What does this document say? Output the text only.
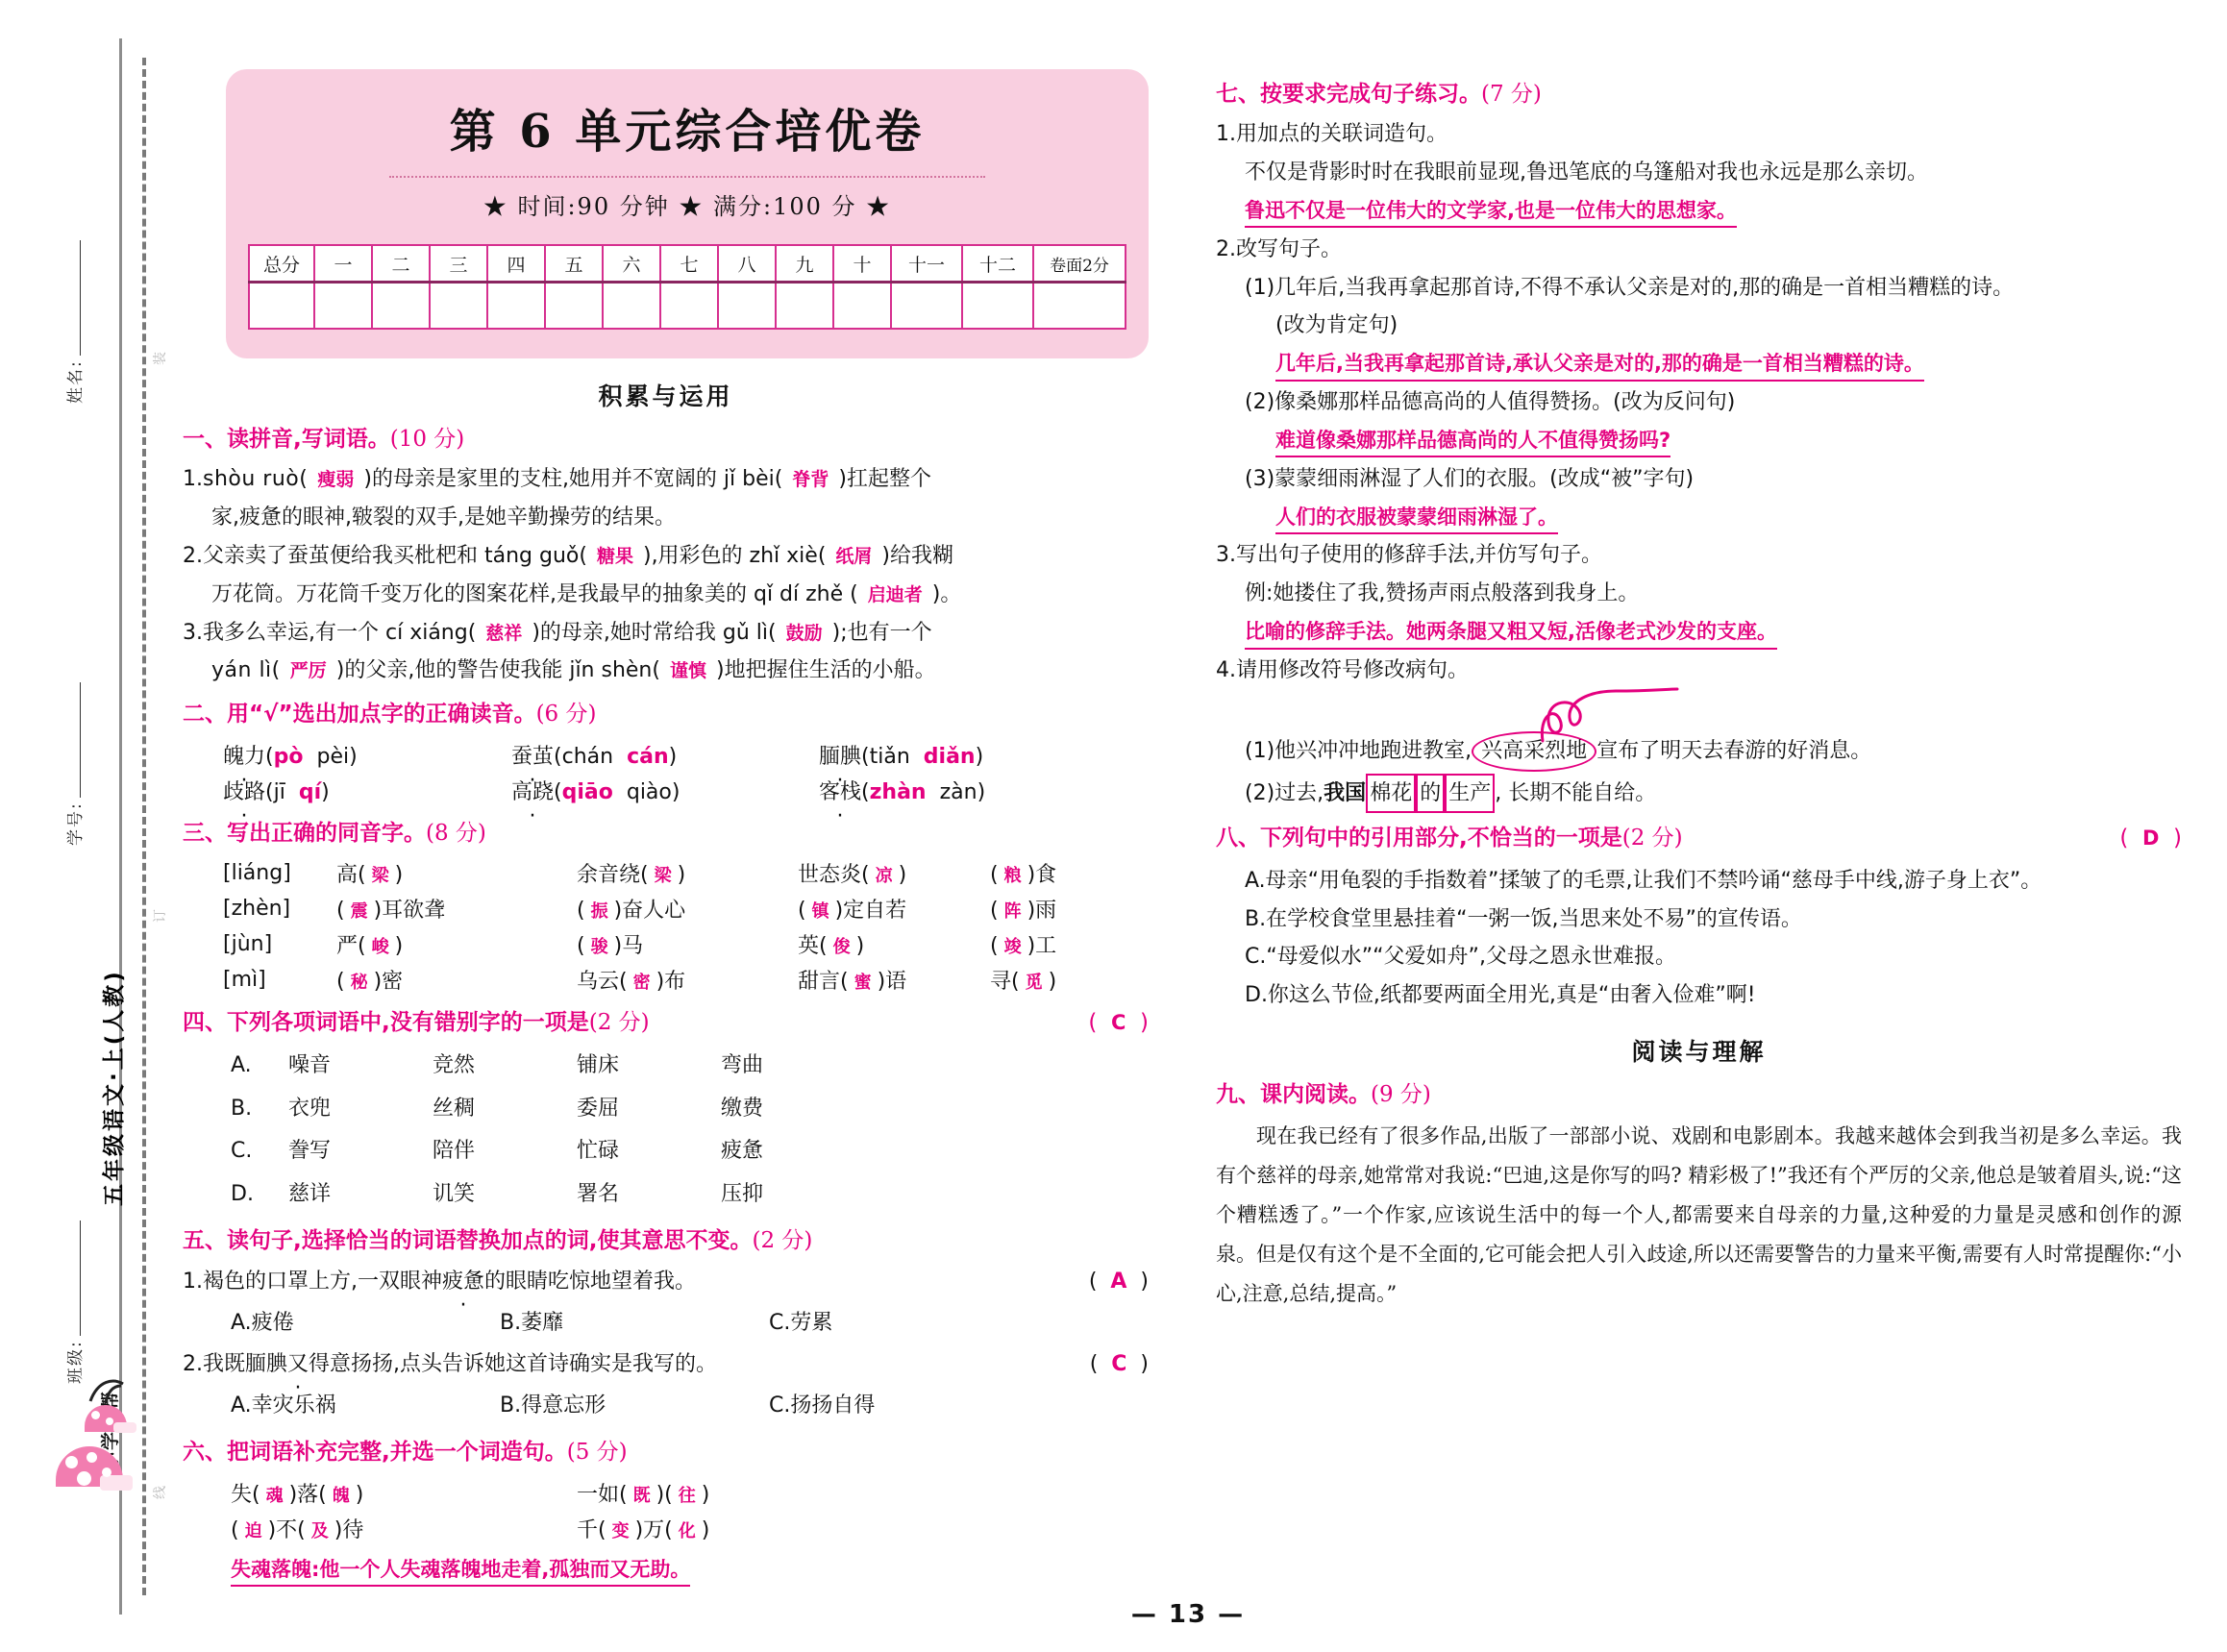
姓名:
学号:
班级:
五年级语文·上(人教)
装
订
线
第 6 单元综合培优卷
★ 时间:90 分钟 ★ 满分:100 分 ★
总分	一	二	三	四	五	六	七	八	九	十	十一	十二	卷面2分

积累与运用
一、读拼音,写词语。(10 分)
1.shòu ruò( 瘦弱 )的母亲是家里的支柱,她用并不宽阔的 jǐ bèi( 脊背 )扛起整个
家,疲惫的眼神,皲裂的双手,是她辛勤操劳的结果。
2.父亲卖了蚕茧便给我买枇杷和 táng guǒ( 糖果 ),用彩色的 zhǐ xiè( 纸屑 )给我糊
万花筒。万花筒千变万化的图案花样,是我最早的抽象美的 qǐ dí zhě ( 启迪者 )。
3.我多么幸运,有一个 cí xiáng( 慈祥 )的母亲,她时常给我 gǔ lì( 鼓励 );也有一个
yán lì( 严厉 )的父亲,他的警告使我能 jǐn shèn( 谨慎 )地把握住生活的小船。
二、用“√”选出加点字的正确读音。(6 分)
魄力(pò pèi)	蚕茧(chán cán)	腼腆(tiǎn diǎn)
歧路(jī qí)	高跷(qiāo qiào)	客栈(zhàn zàn)
三、写出正确的同音字。(8 分)
[liáng]	高( 梁 )	余音绕( 梁 )	世态炎( 凉 )	( 粮 )食
[zhèn]	( 震 )耳欲聋	( 振 )奋人心	( 镇 )定自若	( 阵 )雨
[jùn]	严( 峻 )	( 骏 )马	英( 俊 )	( 竣 )工
[mì]	( 秘 )密	乌云( 密 )布	甜言( 蜜 )语	寻( 觅 )
(  C  )
四、下列各项词语中,没有错别字的一项是(2 分)
A.	噪音	竞然	铺床	弯曲
B.	衣兜	丝稠	委屈	缴费
C.	誊写	陪伴	忙碌	疲惫
D.	慈详	讥笑	署名	压抑
五、读句子,选择恰当的词语替换加点的词,使其意思不变。(2 分)
(  A  )
1.褐色的口罩上方,一双眼神疲惫的眼睛吃惊地望着我。
A.疲倦	B.萎靡	C.劳累
(  C  )
2.我既腼腆又得意 ·扬扬,点头告诉她这首诗确实是我写的。
A.幸灾乐祸	B.得意忘形	C.扬扬自得
六、把词语补充完整,并选一个词造句。(5 分)
失( 魂 )落( 魄 )	一如( 既 )( 往 )
( 迫 )不( 及 )待	千( 变 )万( 化 )
失魂落魄:他一个人失魂落魄地走着,孤独而又无助。
七、按要求完成句子练习。(7 分)
1.用加点的关联词造句。
不仅是背影时时在我眼前显现,鲁迅笔底的乌篷船对我也永远是那么亲切。
鲁迅不仅是一位伟大的文学家,也是一位伟大的思想家。
2.改写句子。
(1)几年后,当我再拿起那首诗,不得不承认父亲是对的,那的确是一首相当糟糕的诗。
(改为肯定句)
几年后,当我再拿起那首诗,承认父亲是对的,那的确是一首相当糟糕的诗。
(2)像桑娜那样品德高尚的人值得赞扬。(改为反问句)
难道像桑娜那样品德高尚的人不值得赞扬吗?
(3)蒙蒙细雨淋湿了人们的衣服。(改成“被”字句)
人们的衣服被蒙蒙细雨淋湿了。
3.写出句子使用的修辞手法,并仿写句子。
例:她搂住了我,赞扬声雨点般落到我身上。
比喻的修辞手法。她两条腿又粗又短,活像老式沙发的支座。
4.请用修改符号修改病句。
(1)他兴冲冲地跑进教室, 兴高采烈地 宣布了明天去春游的好消息。
(2)过去,我国 棉花 的 生产 , 长期不能自给。
(  D  )
八、下列句中的引用部分,不恰当的一项是(2 分)
A.母亲“用龟裂的手指数着”揉皱了的毛票,让我们不禁吟诵“慈母手中线,游子身上衣”。
B.在学校食堂里悬挂着“一粥一饭,当思来处不易”的宣传语。
C.“母爱似水”“父爱如舟”,父母之恩永世难报。
D.你这么节俭,纸都要两面全用光,真是“由奢入俭难”啊!
阅读与理解
九、课内阅读。(9 分)
现在我已经有了很多作品,出版了一部部小说、戏剧和电影剧本。我越来越体会到我当初是多么幸运。我有个慈祥的母亲,她常常对我说:“巴迪,这是你写的吗? 精彩极了!”我还有个严厉的父亲,他总是皱着眉头,说:“这个糟糕透了。”一个作家,应该说生活中的每一个人,都需要来自母亲的力量,这种爱的力量是灵感和创作的源泉。但是仅有这个是不全面的,它可能会把人引入歧途,所以还需要警告的力量来平衡,需要有人时常提醒你:“小心,注意,总结,提高。”
— 13 —
